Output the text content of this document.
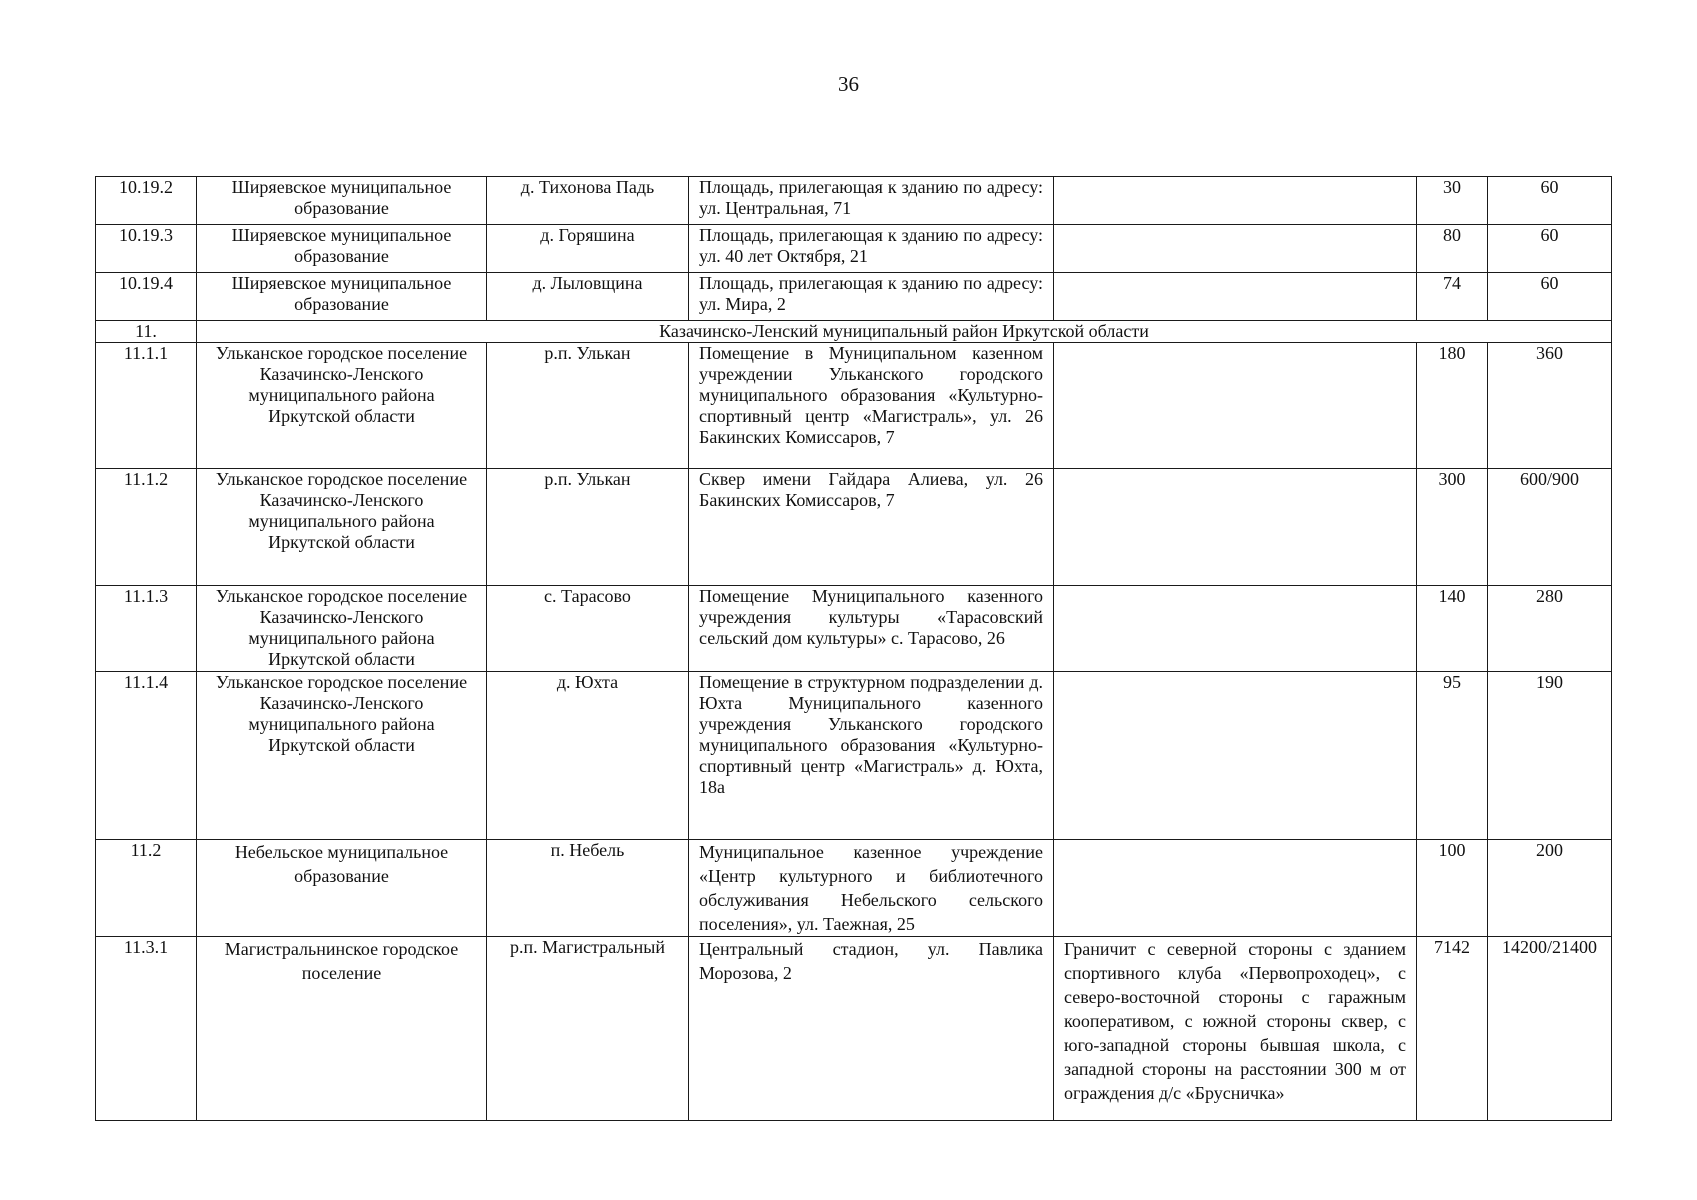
36
10.19.2	Ширяевское муниципальное образование	д. Тихонова Падь	Площадь, прилегающая к зданию по адресу: ул. Центральная, 71		30	60
10.19.3	Ширяевское муниципальное образование	д. Горяшина	Площадь, прилегающая к зданию по адресу: ул. 40 лет Октября, 21		80	60
10.19.4	Ширяевское муниципальное образование	д. Лыловщина	Площадь, прилегающая к зданию по адресу: ул. Мира, 2		74	60
11.	Казачинско-Ленский муниципальный район Иркутской области					
11.1.1	Ульканское городское поселение Казачинско-Ленского муниципального района Иркутской области	р.п. Улькан	Помещение в Муниципальном казенном учреждении Ульканского городского муниципального образования «Культурно-спортивный центр «Магистраль», ул. 26 Бакинских Комиссаров, 7		180	360
11.1.2	Ульканское городское поселение Казачинско-Ленского муниципального района Иркутской области	р.п. Улькан	Сквер имени Гайдара Алиева, ул. 26 Бакинских Комиссаров, 7		300	600/900
11.1.3	Ульканское городское поселение Казачинско-Ленского муниципального района Иркутской области	с. Тарасово	Помещение Муниципального казенного учреждения культуры «Тарасовский сельский дом культуры» с. Тарасово, 26		140	280
11.1.4	Ульканское городское поселение Казачинско-Ленского муниципального района Иркутской области	д. Юхта	Помещение в структурном подразделении д. Юхта Муниципального казенного учреждения Ульканского городского муниципального образования «Культурно-спортивный центр «Магистраль» д. Юхта, 18а		95	190
11.2	Небельское муниципальное образование	п. Небель	Муниципальное казенное учреждение «Центр культурного и библиотечного обслуживания Небельского сельского поселения», ул. Таежная, 25		100	200
11.3.1	Магистральнинское городское поселение	р.п. Магистральный	Центральный стадион, ул. Павлика Морозова, 2	Граничит с северной стороны с зданием спортивного клуба «Первопроходец», с северо-восточной стороны с гаражным кооперативом, с южной стороны сквер, с юго-западной стороны бывшая школа, с западной стороны на расстоянии 300 м от ограждения д/с «Брусничка»	7142	14200/21400
